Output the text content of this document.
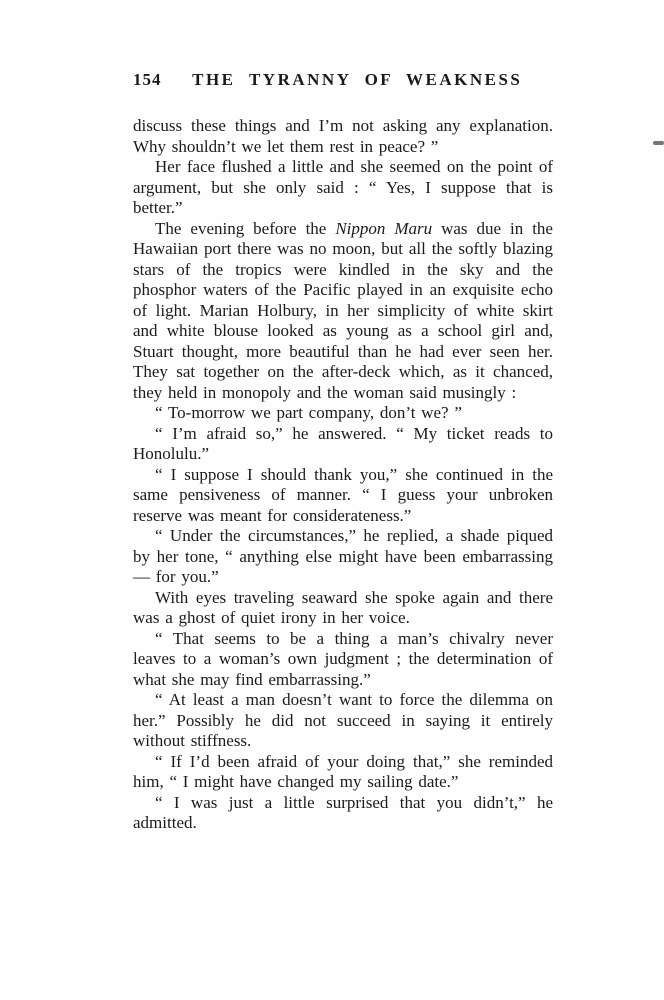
154	THE TYRANNY OF WEAKNESS

discuss these things and I’m not asking any explanation. Why shouldn’t we let them rest in peace? ”

Her face flushed a little and she seemed on the point of argument, but she only said : “ Yes, I suppose that is better.”

The evening before the Nippon Maru was due in the Hawaiian port there was no moon, but all the softly blazing stars of the tropics were kindled in the sky and the phosphor waters of the Pacific played in an exquisite echo of light. Marian Holbury, in her simplicity of white skirt and white blouse looked as young as a school girl and, Stuart thought, more beautiful than he had ever seen her. They sat together on the after-deck which, as it chanced, they held in monopoly and the woman said musingly :

“ To-morrow we part company, don’t we? ”

“ I’m afraid so,” he answered. “ My ticket reads to Honolulu.”

“ I suppose I should thank you,” she continued in the same pensiveness of manner. “ I guess your unbroken reserve was meant for considerateness.”

“ Under the circumstances,” he replied, a shade piqued by her tone, “ anything else might have been embarrassing — for you.”

With eyes traveling seaward she spoke again and there was a ghost of quiet irony in her voice.

“ That seems to be a thing a man’s chivalry never leaves to a woman’s own judgment ; the determination of what she may find embarrassing.”

“ At least a man doesn’t want to force the dilemma on her.” Possibly he did not succeed in saying it entirely without stiffness.

“ If I’d been afraid of your doing that,” she reminded him, “ I might have changed my sailing date.”

“ I was just a little surprised that you didn’t,” he admitted.
